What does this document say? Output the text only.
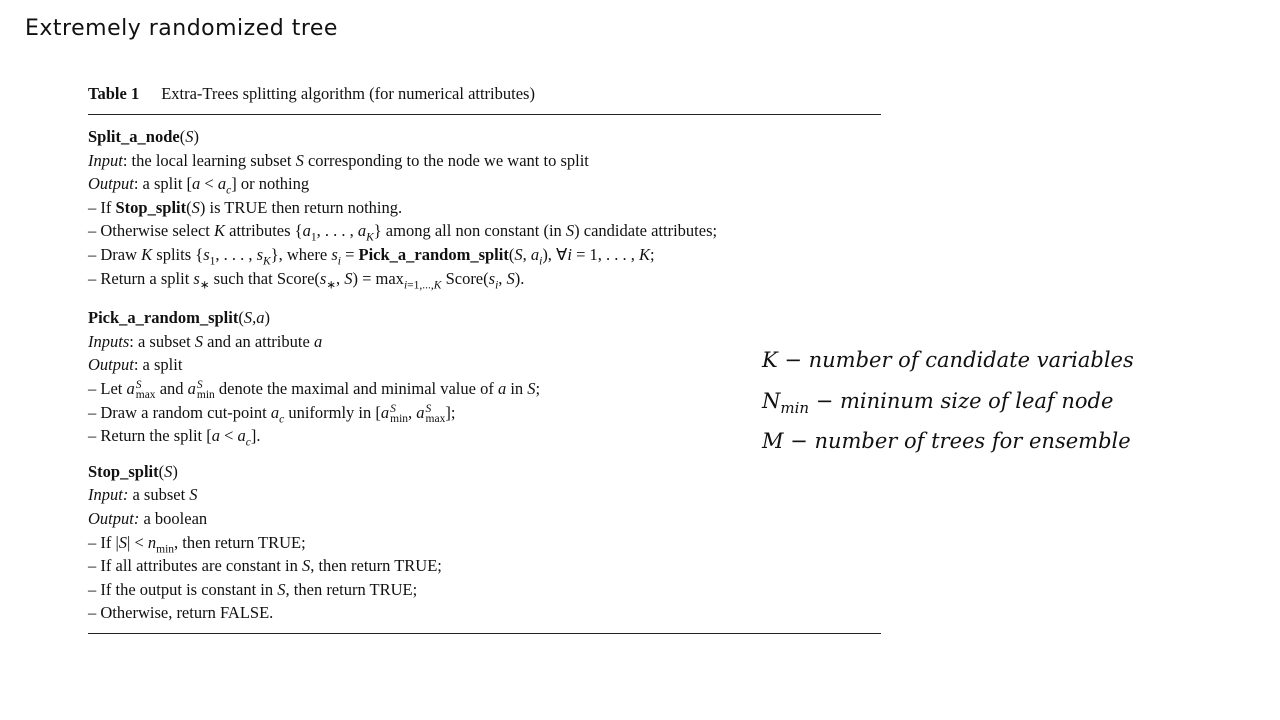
Extremely randomized tree
Table 1 Extra-Trees splitting algorithm (for numerical attributes)
Split_a_node(S)
Input: the local learning subset S corresponding to the node we want to split
Output: a split $[a < a_c]$ or nothing
– If Stop_split(S) is TRUE then return nothing.
– Otherwise select K attributes {$a_1$, . . . , $a_K$} among all non constant (in S) candidate attributes;
– Draw K splits {$s_1$, . . . , $s_K$}, where $s_i$ = Pick_a_random_split(S, $a_i$), ∀i = 1, . . . , K;
– Return a split $s_∗$ such that $Score(s_∗$, $S) = \max_{i=1,...,K}$ $Score(s_i$, S).
Pick_a_random_split(S,a)
Inputs: a subset S and an attribute a
Output: a split
– Let a S
max and a S
min denote the maximal and minimal value of a in S;
– Draw a random cut-point $a_c$ uniformly in [a S
min , a S
max ];
– Return the split $[a < a_c]$.
Stop_split(S)
Input: a subset S
Output: a boolean
– If $|S| < n_{min}$, then return TRUE;
– If all attributes are constant in S, then return TRUE;
– If the output is constant in S, then return TRUE;
– Otherwise, return FALSE.
K − number of candidate variables
$N_{min}$ − mininum size of leaf node
M − number of trees for ensemble
